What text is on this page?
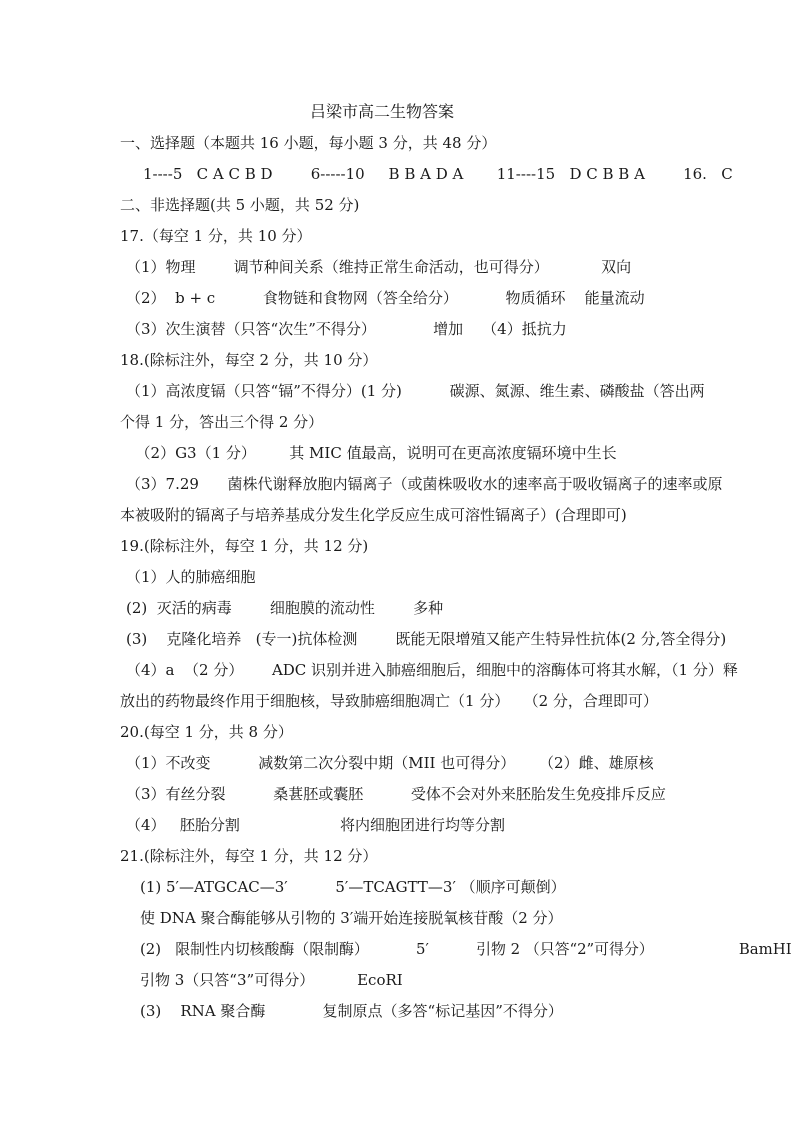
吕梁市高二生物答案
一、选择题（本题共 16 小题，每小题 3 分，共 48 分）
1----5   C A C B D        6-----10     B B A D A       11----15   D C B B A        16.   C
二、非选择题(共 5 小题，共 52 分)
17.（每空 1 分，共 10 分）
（1）物理        调节种间关系（维持正常生命活动，也可得分）           双向
（2）  b + c          食物链和食物网（答全给分）          物质循环    能量流动
（3）次生演替（只答“次生”不得分）            增加    （4）抵抗力
18.(除标注外，每空 2 分，共 10 分）
（1）高浓度镉（只答“镉”不得分）(1 分)          碳源、氮源、维生素、磷酸盐（答出两
个得 1 分，答出三个得 2 分）
（2）G3（1 分）       其 MIC 值最高，说明可在更高浓度镉环境中生长
（3）7.29      菌株代谢释放胞内镉离子（或菌株吸收水的速率高于吸收镉离子的速率或原
本被吸附的镉离子与培养基成分发生化学反应生成可溶性镉离子）(合理即可)
19.(除标注外，每空 1 分，共 12 分)
（1）人的肺癌细胞
(2)  灭活的病毒        细胞膜的流动性        多种
(3)    克隆化培养   (专一)抗体检测        既能无限增殖又能产生特异性抗体(2 分,答全得分)
（4）a  （2 分）      ADC 识别并进入肺癌细胞后，细胞中的溶酶体可将其水解，（1 分）释
放出的药物最终作用于细胞核，导致肺癌细胞凋亡（1 分）   （2 分，合理即可）
20.(每空 1 分，共 8 分）
（1）不改变          减数第二次分裂中期（MII 也可得分）     （2）雌、雄原核
（3）有丝分裂          桑葚胚或囊胚          受体不会对外来胚胎发生免疫排斥反应
（4）   胚胎分割                     将内细胞团进行均等分割
21.(除标注外，每空 1 分，共 12 分）
(1) 5′—ATGCAC—3′          5′—TCAGTT—3′ （顺序可颠倒）
使 DNA 聚合酶能够从引物的 3′端开始连接脱氧核苷酸（2 分）
(2)   限制性内切核酸酶（限制酶）          5′          引物 2 （只答“2”可得分）                  BamHI
引物 3（只答“3”可得分）         EcoRI
(3)    RNA 聚合酶            复制原点（多答“标记基因”不得分）
